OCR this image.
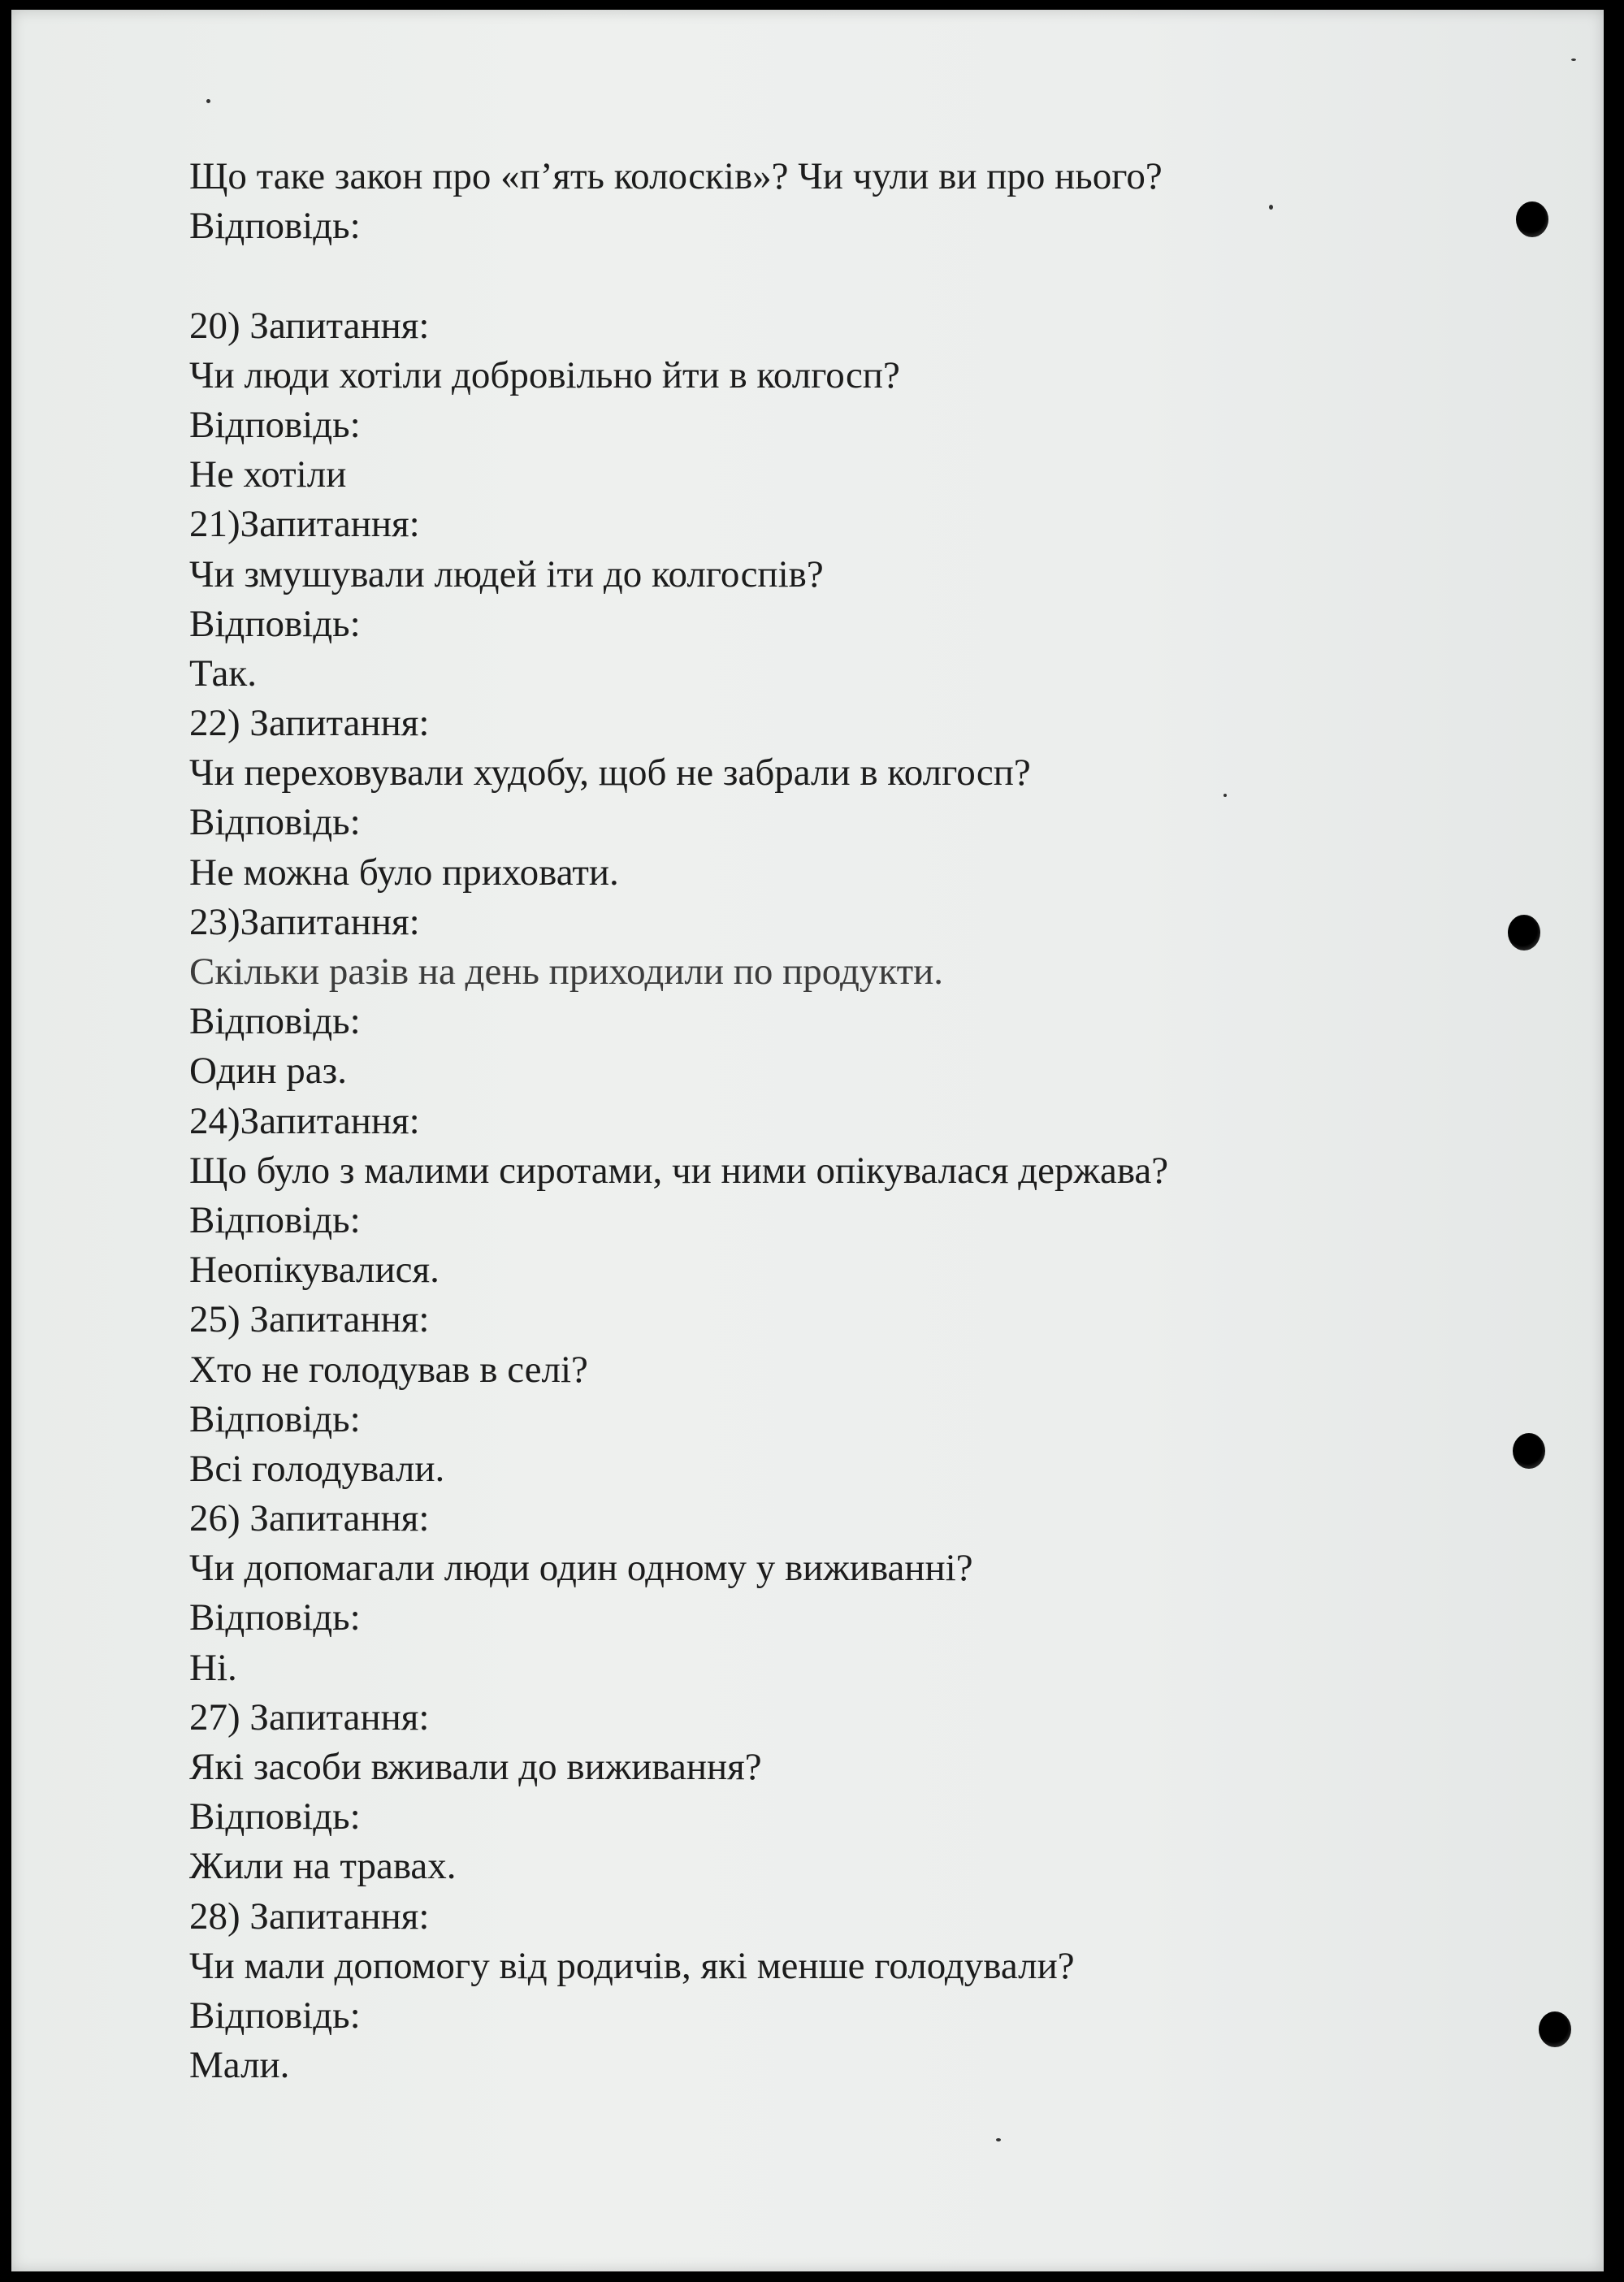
Що таке закон про «п’ять колосків»? Чи чули ви про нього?
Відповідь:
20) Запитання:
Чи люди хотіли добровільно йти в колгосп?
Відповідь:
Не хотіли
21)Запитання:
Чи змушували людей іти до колгоспів?
Відповідь:
Так.
22) Запитання:
Чи переховували худобу, щоб не забрали в колгосп?
Відповідь:
Не можна було приховати.
23)Запитання:
Скільки разів на день приходили по продукти.
Відповідь:
Один раз.
24)Запитання:
Що було з малими сиротами, чи ними опікувалася держава?
Відповідь:
Неопікувалися.
25) Запитання:
Хто не голодував в селі?
Відповідь:
Всі голодували.
26) Запитання:
Чи допомагали люди один одному у виживанні?
Відповідь:
Ні.
27) Запитання:
Які засоби вживали до виживання?
Відповідь:
Жили на травах.
28) Запитання:
Чи мали допомогу від родичів, які менше голодували?
Відповідь:
Мали.
